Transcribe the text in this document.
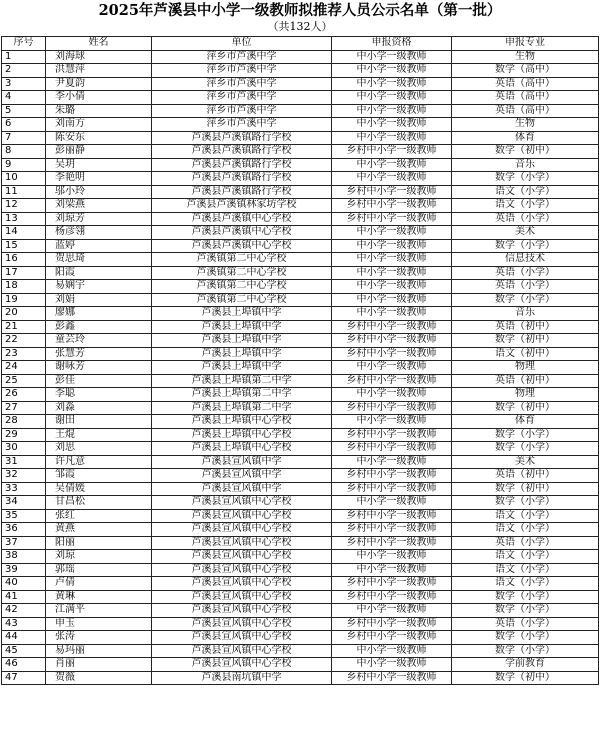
2025年芦溪县中小学一级教师拟推荐人员公示名单（第一批）
（共132人）
序号	姓名	单位	申报资格	申报专业
1	刘海球	萍乡市芦溪中学	中小学一级教师	生物
2	洪慧萍	萍乡市芦溪中学	中小学一级教师	数学（高中）
3	尹夏韵	萍乡市芦溪中学	中小学一级教师	英语（高中）
4	李小倩	萍乡市芦溪中学	中小学一级教师	英语（高中）
5	朱璐	萍乡市芦溪中学	中小学一级教师	英语（高中）
6	刘南方	萍乡市芦溪中学	中小学一级教师	生物
7	陈安东	芦溪县芦溪镇路行学校	中小学一级教师	体育
8	彭丽静	芦溪县芦溪镇路行学校	乡村中小学一级教师	数学（初中）
9	吴玥	芦溪县芦溪镇路行学校	中小学一级教师	音乐
10	李艳明	芦溪县芦溪镇路行学校	中小学一级教师	数学（小学）
11	邬小玲	芦溪县芦溪镇路行学校	乡村中小学一级教师	语文（小学）
12	刘梁燕	芦溪县芦溪镇林家坊学校	乡村中小学一级教师	语文（小学）
13	刘琼芳	芦溪县芦溪镇中心学校	乡村中小学一级教师	英语（小学）
14	杨彦翎	芦溪县芦溪镇中心学校	中小学一级教师	美术
15	蓝婷	芦溪县芦溪镇中心学校	中小学一级教师	数学（小学）
16	贺思琦	芦溪镇第二中心学校	中小学一级教师	信息技术
17	阳霞	芦溪镇第二中心学校	中小学一级教师	英语（小学）
18	易娴宇	芦溪镇第二中心学校	中小学一级教师	英语（小学）
19	刘娟	芦溪镇第二中心学校	中小学一级教师	数学（小学）
20	廖娜	芦溪县上埠镇中学	中小学一级教师	音乐
21	彭鑫	芦溪县上埠镇中学	乡村中小学一级教师	英语（初中）
22	童芸玲	芦溪县上埠镇中学	乡村中小学一级教师	数学（初中）
23	张慧芳	芦溪县上埠镇中学	乡村中小学一级教师	语文（初中）
24	谢咏芳	芦溪县上埠镇中学	中小学一级教师	物理
25	彭佳	芦溪县上埠镇第二中学	乡村中小学一级教师	英语（初中）
26	李聪	芦溪县上埠镇第二中学	中小学一级教师	物理
27	刘淼	芦溪县上埠镇第二中学	乡村中小学一级教师	数学（初中）
28	谢田	芦溪县上埠镇中心学校	中小学一级教师	体育
29	王焜	芦溪县上埠镇中心学校	乡村中小学一级教师	数学（小学）
30	刘思	芦溪县上埠镇中心学校	乡村中小学一级教师	数学（小学）
31	许凡意	芦溪县宣风镇中学	中小学一级教师	美术
32	邹霞	芦溪县宣风镇中学	乡村中小学一级教师	英语（初中）
33	吴倩媛	芦溪县宣风镇中学	乡村中小学一级教师	数学（初中）
34	甘昌松	芦溪县宣风镇中心学校	中小学一级教师	数学（小学）
35	张红	芦溪县宣风镇中心学校	乡村中小学一级教师	语文（小学）
36	黄燕	芦溪县宣风镇中心学校	乡村中小学一级教师	语文（小学）
37	阳丽	芦溪县宣风镇中心学校	乡村中小学一级教师	英语（小学）
38	刘琼	芦溪县宣风镇中心学校	中小学一级教师	语文（小学）
39	郭瑶	芦溪县宣风镇中心学校	中小学一级教师	语文（小学）
40	卢倩	芦溪县宣风镇中心学校	乡村中小学一级教师	语文（小学）
41	黄琳	芦溪县宣风镇中心学校	乡村中小学一级教师	数学（小学）
42	江满平	芦溪县宣风镇中心学校	中小学一级教师	数学（小学）
43	申玉	芦溪县宣风镇中心学校	乡村中小学一级教师	英语（小学）
44	张涛	芦溪县宣风镇中心学校	乡村中小学一级教师	数学（小学）
45	易玛丽	芦溪县宣风镇中心学校	中小学一级教师	数学（小学）
46	肖丽	芦溪县宣风镇中心学校	中小学一级教师	学前教育
47	贺薇	芦溪县南坑镇中学	乡村中小学一级教师	数学（初中）
